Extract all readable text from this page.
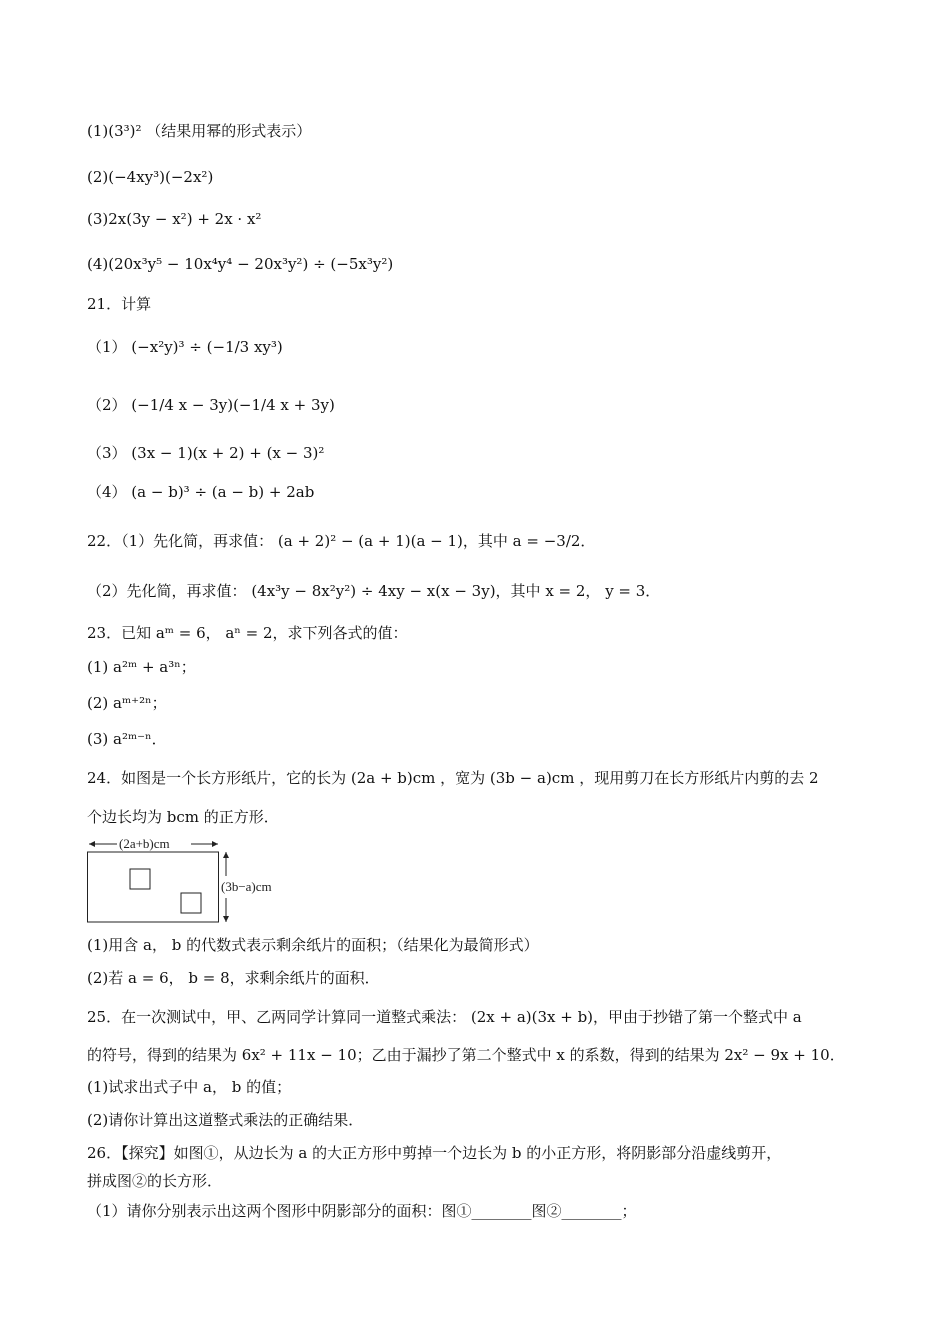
(1)(3³)² （结果用幂的形式表示）
(2)(−4xy³)(−2x²)
(3)2x(3y − x²) + 2x · x²
(4)(20x³y⁵ − 10x⁴y⁴ − 20x³y²) ÷ (−5x³y²)
21．计算
（1） (−x²y)³ ÷ (−1/3 xy³)
（2） (−1/4 x − 3y)(−1/4 x + 3y)
（3） (3x − 1)(x + 2) + (x − 3)²
（4） (a − b)³ ÷ (a − b) + 2ab
22．（1）先化简，再求值： (a + 2)² − (a + 1)(a − 1)，其中 a = −3/2．
（2）先化简，再求值： (4x³y − 8x²y²) ÷ 4xy − x(x − 3y)，其中 x = 2， y = 3．
23．已知 aᵐ = 6， aⁿ = 2，求下列各式的值：
(1) a²ᵐ + a³ⁿ；
(2) aᵐ⁺²ⁿ；
(3) a²ᵐ⁻ⁿ．
24．如图是一个长方形纸片，它的长为 (2a + b)cm ，宽为 (3b − a)cm ，现用剪刀在长方形纸片内剪的去 2
个边长均为 bcm 的正方形．
(1)用含 a， b 的代数式表示剩余纸片的面积；（结果化为最简形式）
(2)若 a = 6， b = 8，求剩余纸片的面积．
25．在一次测试中，甲、乙两同学计算同一道整式乘法： (2x + a)(3x + b)，甲由于抄错了第一个整式中 a
的符号，得到的结果为 6x² + 11x − 10；乙由于漏抄了第二个整式中 x 的系数，得到的结果为 2x² − 9x + 10．
(1)试求出式子中 a， b 的值；
(2)请你计算出这道整式乘法的正确结果．
26．【探究】如图①，从边长为 a 的大正方形中剪掉一个边长为 b 的小正方形，将阴影部分沿虚线剪开，
拼成图②的长方形．
（1）请你分别表示出这两个图形中阴影部分的面积：图①________图②________；
(2a+b)cm
(3b−a)cm
